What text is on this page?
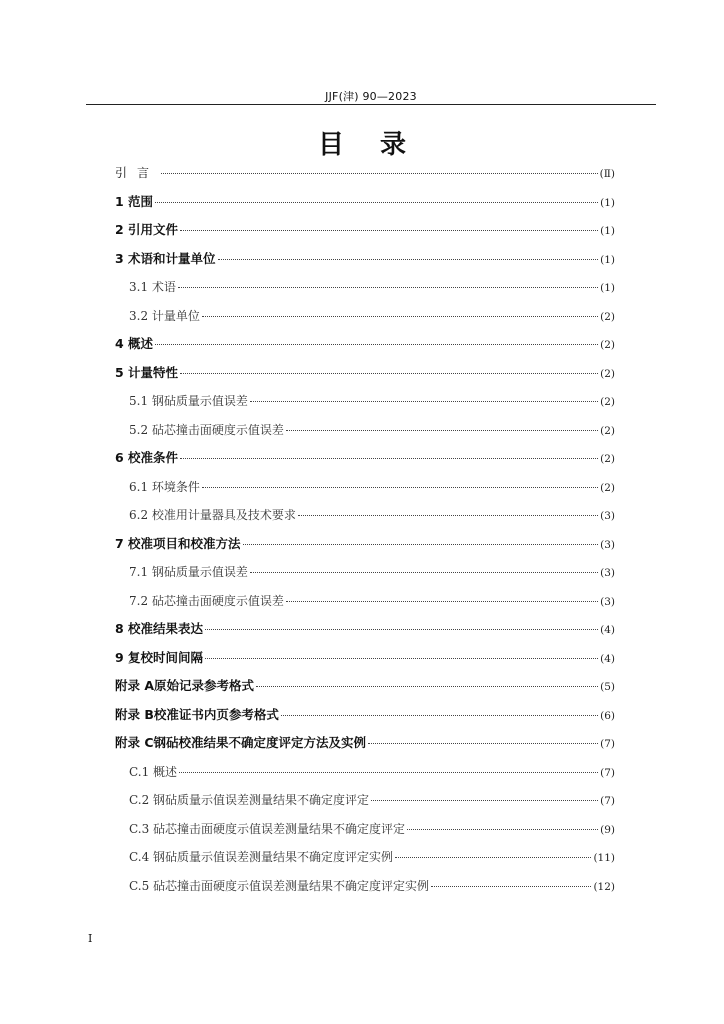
JJF(津) 90—2023
目录
引言	(Ⅱ)
1 范围	(1)
2 引用文件	(1)
3 术语和计量单位	(1)
3.1 术语	(1)
3.2 计量单位	(2)
4 概述	(2)
5 计量特性	(2)
5.1 钢砧质量示值误差	(2)
5.2 砧芯撞击面硬度示值误差	(2)
6 校准条件	(2)
6.1 环境条件	(2)
6.2 校准用计量器具及技术要求	(3)
7 校准项目和校准方法	(3)
7.1 钢砧质量示值误差	(3)
7.2 砧芯撞击面硬度示值误差	(3)
8 校准结果表达	(4)
9 复校时间间隔	(4)
附录 A原始记录参考格式	(5)
附录 B校准证书内页参考格式	(6)
附录 C钢砧校准结果不确定度评定方法及实例	(7)
C.1 概述	(7)
C.2 钢砧质量示值误差测量结果不确定度评定	(7)
C.3 砧芯撞击面硬度示值误差测量结果不确定度评定	(9)
C.4 钢砧质量示值误差测量结果不确定度评定实例	(11)
C.5 砧芯撞击面硬度示值误差测量结果不确定度评定实例	(12)
I
